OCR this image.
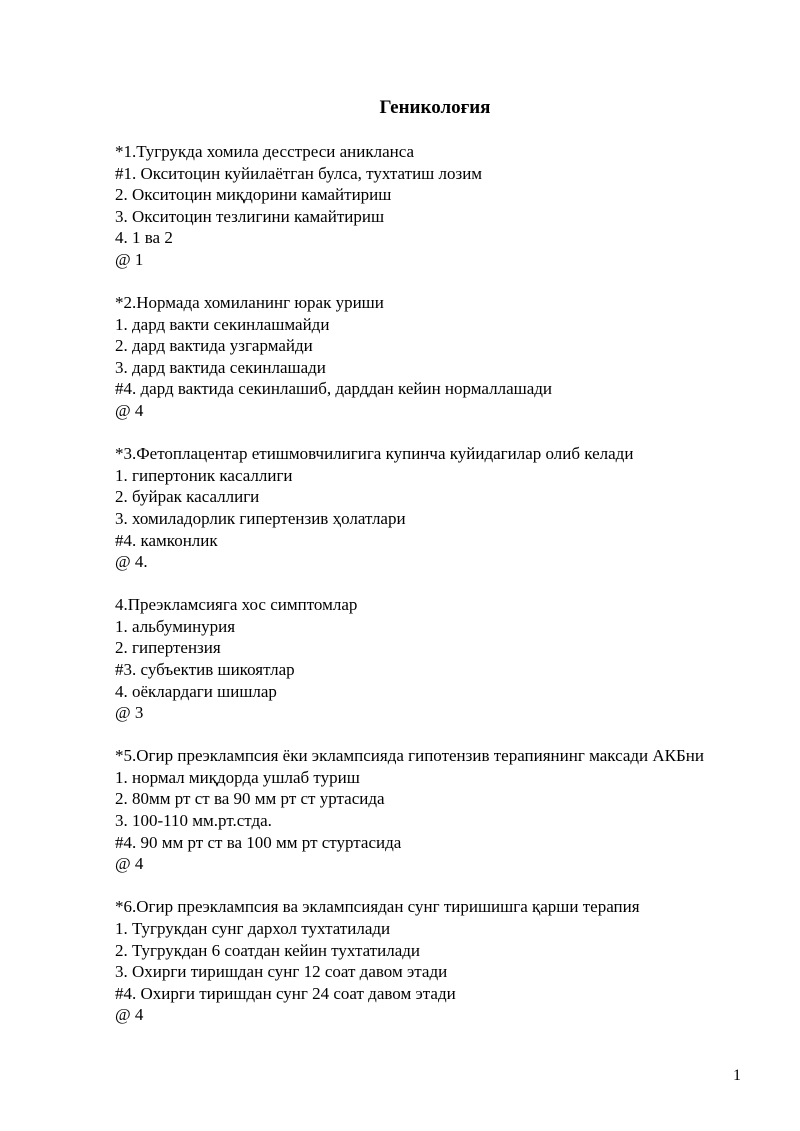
Гениколоғия
*1.Тугрукда хомила десстреси аникланса
#1. Окситоцин куйилаётган булса, тухтатиш лозим
2. Окситоцин миқдорини камайтириш
3. Окситоцин тезлигини камайтириш
4. 1 ва 2
@ 1
*2.Нормада хомиланинг юрак уриши
1. дард вакти секинлашмайди
2. дард вактида узгармайди
3. дард вактида секинлашади
#4. дард вактида секинлашиб, дарддан кейин нормаллашади
@ 4
*3.Фетоплацентар етишмовчилигига купинча куйидагилар олиб келади
1. гипертоник касаллиги
2. буйрак касаллиги
3. хомиладорлик гипертензив ҳолатлари
#4. камконлик
@ 4.
4.Преэкламсияга хос симптомлар
1. альбуминурия
2. гипертензия
#3. субъектив шикоятлар
4. оёклардаги шишлар
@ 3
*5.Огир преэклампсия ёки эклампсияда гипотензив терапиянинг максади АКБни
1. нормал миқдорда ушлаб туриш
2. 80мм рт ст ва 90 мм рт ст уртасида
3. 100-110 мм.рт.стда.
#4. 90 мм рт ст ва 100 мм рт стуртасида
@ 4
*6.Огир преэклампсия ва эклампсиядан сунг тиришишга қарши терапия
1. Тугрукдан сунг дархол тухтатилади
2. Тугрукдан 6 соатдан кейин тухтатилади
3. Охирги тиришдан сунг 12 соат давом этади
#4. Охирги тиришдан сунг 24 соат давом этади
@ 4
1
